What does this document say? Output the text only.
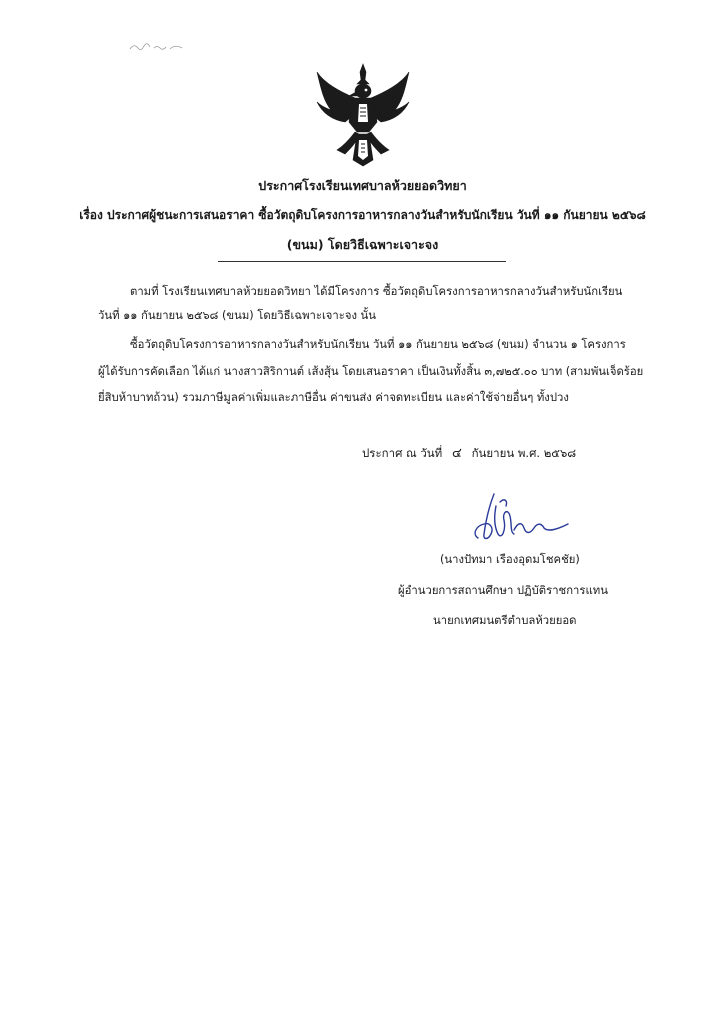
ประกาศโรงเรียนเทศบาลห้วยยอดวิทยา
เรื่อง ประกาศผู้ชนะการเสนอราคา ซื้อวัตถุดิบโครงการอาหารกลางวันสำหรับนักเรียน วันที่ ๑๑ กันยายน ๒๕๖๘
(ขนม) โดยวิธีเฉพาะเจาะจง
ตามที่ โรงเรียนเทศบาลห้วยยอดวิทยา ได้มีโครงการ ซื้อวัตถุดิบโครงการอาหารกลางวันสำหรับนักเรียน
วันที่ ๑๑ กันยายน ๒๕๖๘ (ขนม) โดยวิธีเฉพาะเจาะจง นั้น
ซื้อวัตถุดิบโครงการอาหารกลางวันสำหรับนักเรียน วันที่ ๑๑ กันยายน ๒๕๖๘ (ขนม) จำนวน ๑ โครงการ
ผู้ได้รับการคัดเลือก ได้แก่ นางสาวสิริกานต์ เส้งสุ้น โดยเสนอราคา เป็นเงินทั้งสิ้น ๓,๗๒๕.๐๐ บาท (สามพันเจ็ดร้อย
ยี่สิบห้าบาทถ้วน) รวมภาษีมูลค่าเพิ่มและภาษีอื่น ค่าขนส่ง ค่าจดทะเบียน และค่าใช้จ่ายอื่นๆ ทั้งปวง
ประกาศ ณ วันที่ ๔ กันยายน พ.ศ. ๒๕๖๘
(นางปัทมา เรืองอุดมโชคชัย)
ผู้อำนวยการสถานศึกษา ปฏิบัติราชการแทน
นายกเทศมนตรีตำบลห้วยยอด
